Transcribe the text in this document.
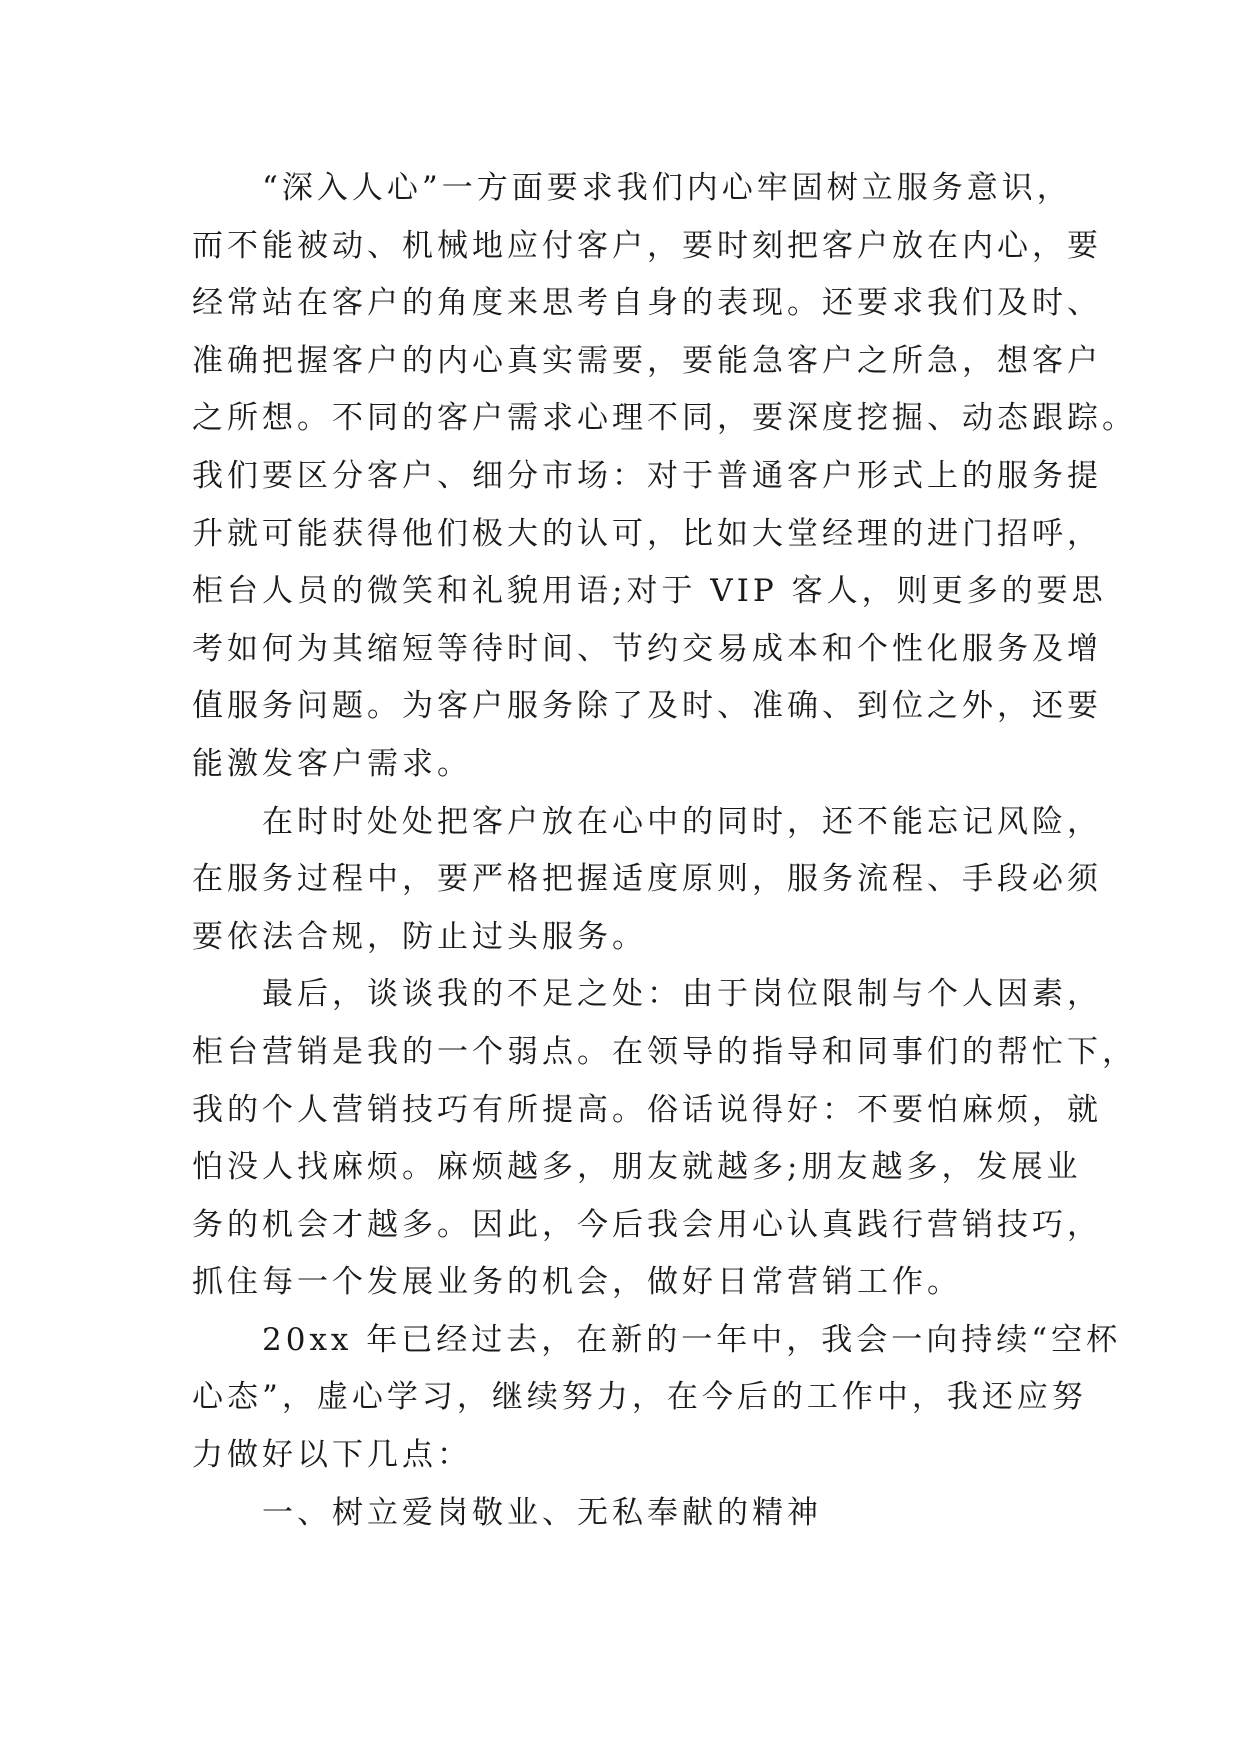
“深入人心”一方面要求我们内心牢固树立服务意识，
而不能被动、机械地应付客户，要时刻把客户放在内心，要
经常站在客户的角度来思考自身的表现。还要求我们及时、
准确把握客户的内心真实需要，要能急客户之所急，想客户
之所想。不同的客户需求心理不同，要深度挖掘、动态跟踪。
我们要区分客户、细分市场：对于普通客户形式上的服务提
升就可能获得他们极大的认可，比如大堂经理的进门招呼，
柜台人员的微笑和礼貌用语;对于 VIP 客人，则更多的要思
考如何为其缩短等待时间、节约交易成本和个性化服务及增
值服务问题。为客户服务除了及时、准确、到位之外，还要
能激发客户需求。
在时时处处把客户放在心中的同时，还不能忘记风险，
在服务过程中，要严格把握适度原则，服务流程、手段必须
要依法合规，防止过头服务。
最后，谈谈我的不足之处：由于岗位限制与个人因素，
柜台营销是我的一个弱点。在领导的指导和同事们的帮忙下，
我的个人营销技巧有所提高。俗话说得好：不要怕麻烦，就
怕没人找麻烦。麻烦越多，朋友就越多;朋友越多，发展业
务的机会才越多。因此，今后我会用心认真践行营销技巧，
抓住每一个发展业务的机会，做好日常营销工作。
20xx 年已经过去，在新的一年中，我会一向持续“空杯
心态”，虚心学习，继续努力，在今后的工作中，我还应努
力做好以下几点：
一、树立爱岗敬业、无私奉献的精神
